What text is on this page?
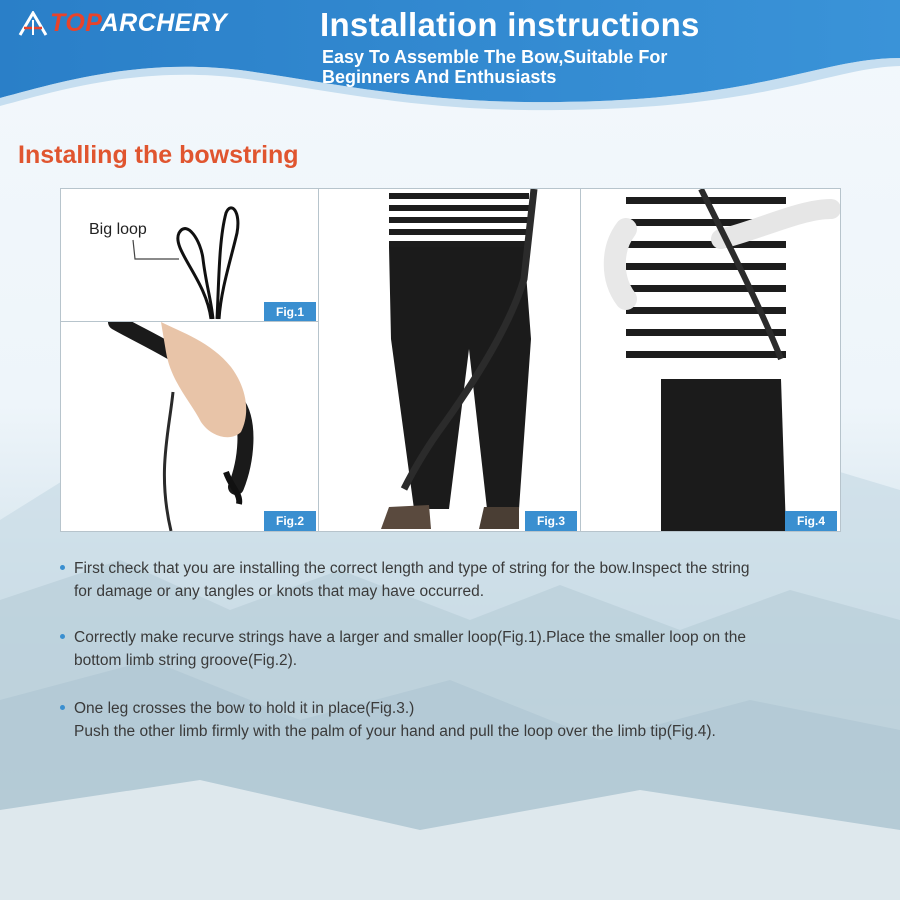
TOPARCHERY	Installation instructions
Easy To Assemble The Bow,Suitable For Beginners And Enthusiasts
Installing the bowstring
Big loop
Fig.1
Fig.2	Fig.3	Fig.4
First check that you are installing the correct length and type of string for the bow.Inspect the string
for damage or any tangles or knots that may have occurred.
Correctly make recurve strings have a larger and smaller loop(Fig.1).Place the smaller loop on the
bottom limb string groove(Fig.2).
One leg crosses the bow to hold it in place(Fig.3.)
Push the other limb firmly with the palm of your hand and pull the loop over the limb tip(Fig.4).
